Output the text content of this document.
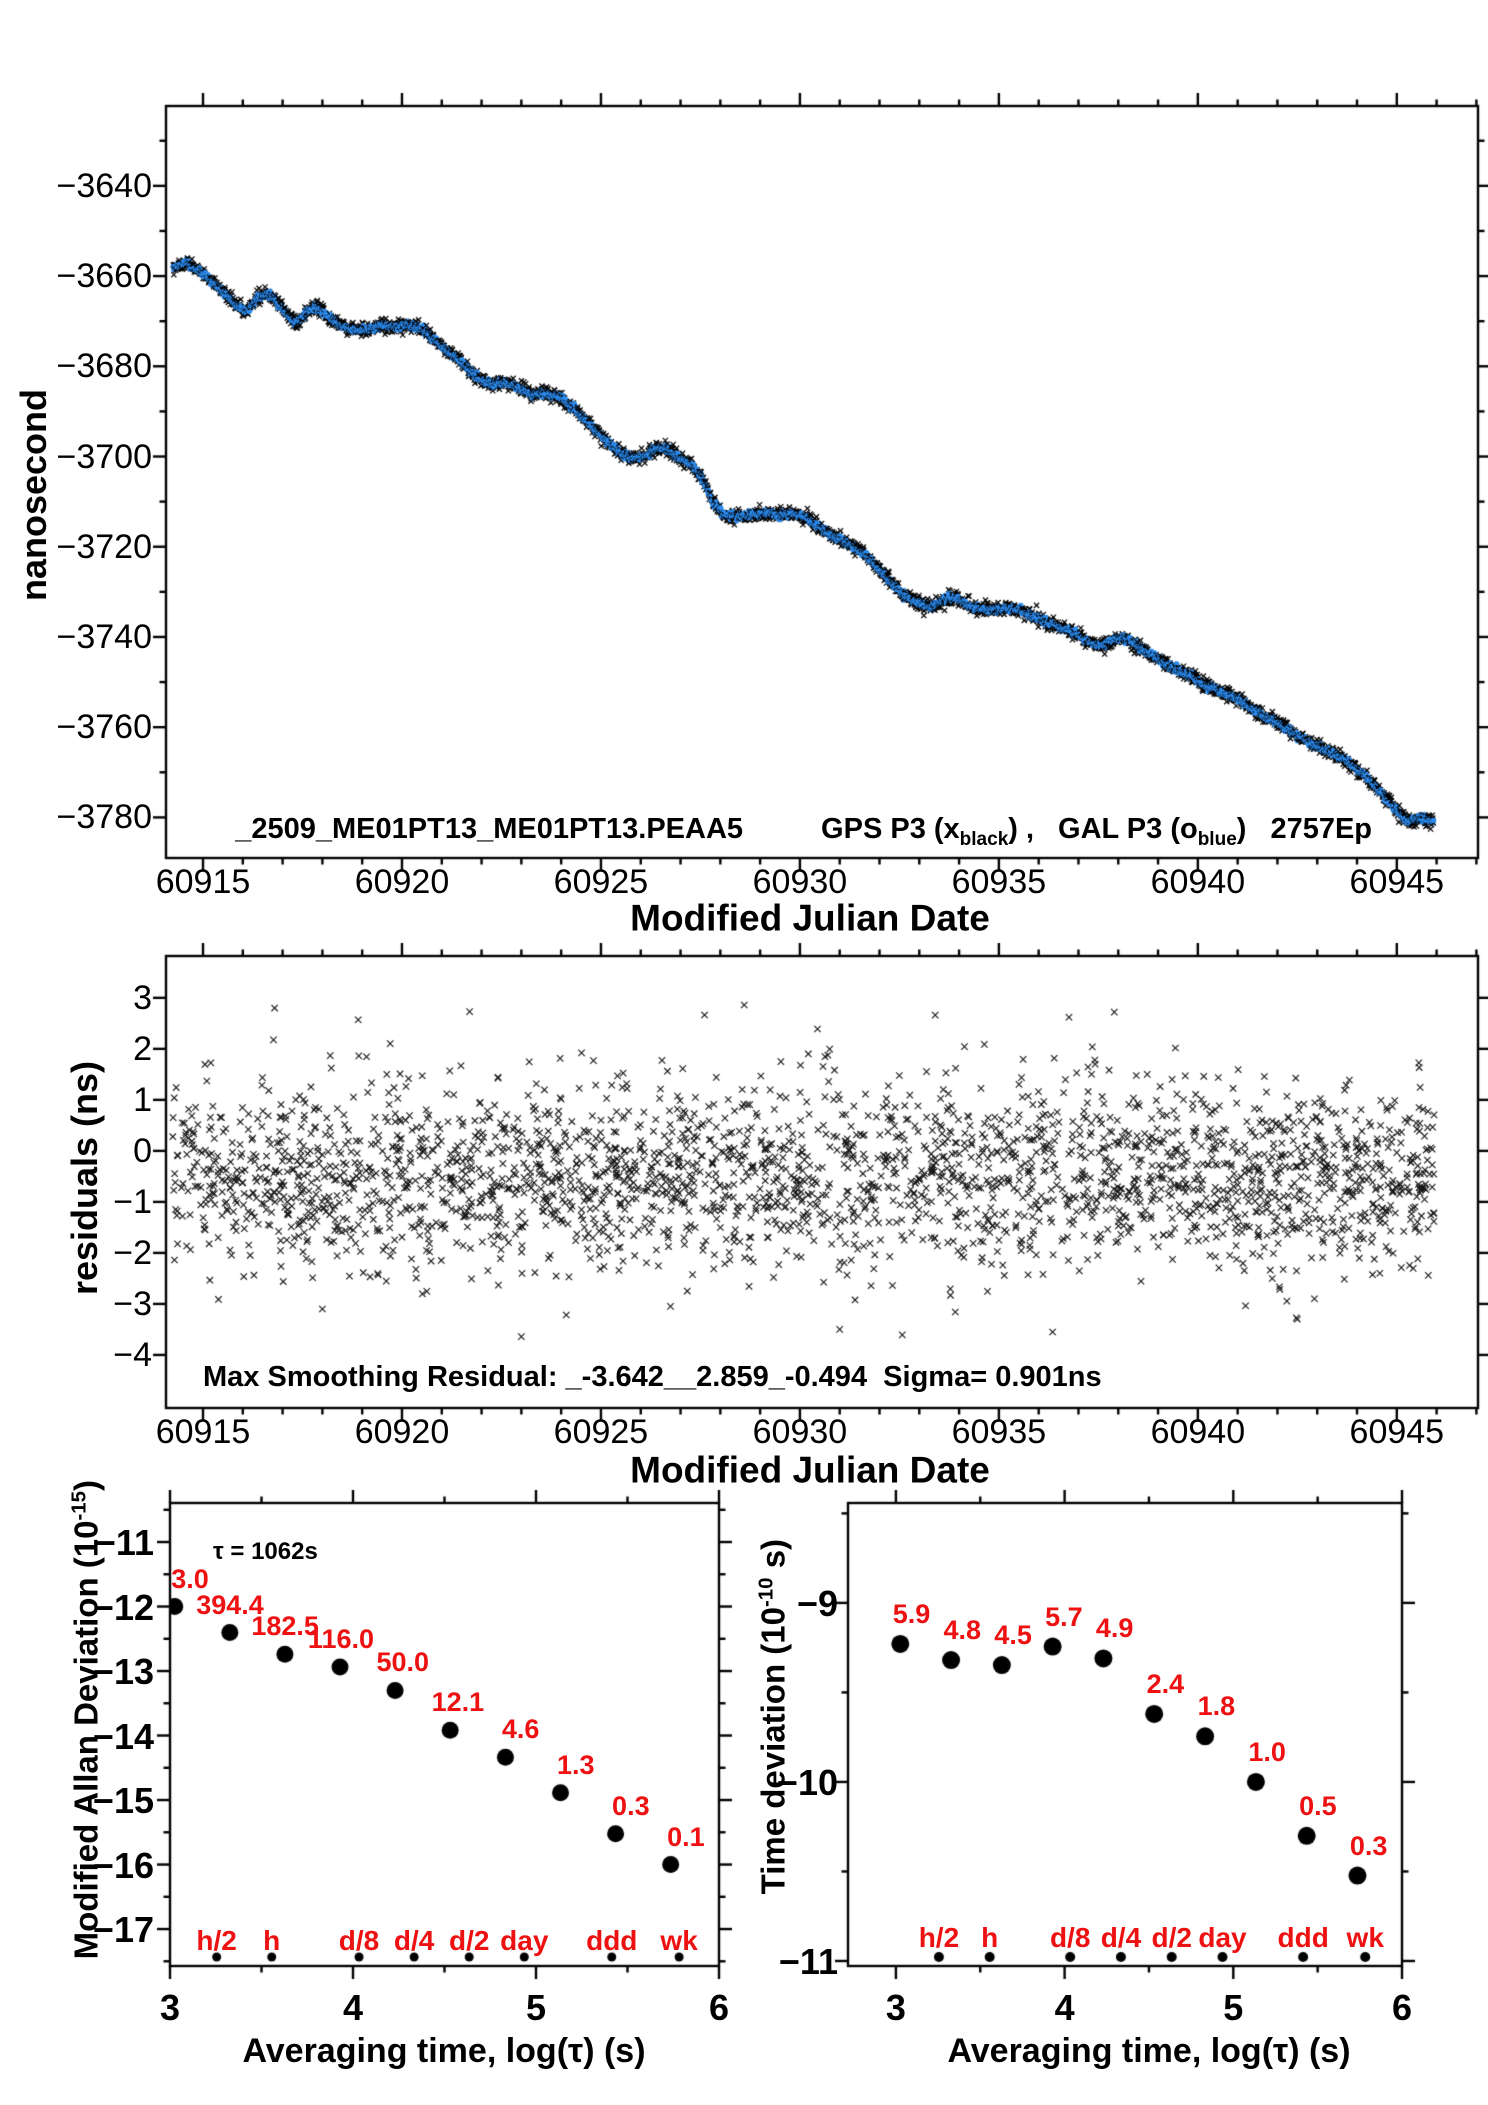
nanosecond
Modified Julian Date
residuals (ns)
Modified Julian Date

Modified Allan Deviation $(10^{-15})$

Averaging time, log(τ) (s)

Time deviation ($10^{-10}$ s)

Averaging time, log(τ) (s)

_2509_ME01PT13_ME01PT13.PEAA5	GPS P3 $(x_{black})$ , GAL P3 $(o_{blue})$ 2757Ep

Max Smoothing Residual: _-3.642__2.859_-0.494  Sigma= 0.901ns
τ = 1062s
60915	60920	60925	60930	60935	60940	60945
−3640
−3660
−3680
−3700
−3720
−3740
−3760
−3780
60915	60920	60925	60930	60935	60940	60945
3
2
1
0
−1
−2
−3
−4
3	4	5	6
−11
−12
−13
−14
−15
−16
−17
3.0
394.4
182.5
116.0
50.0
12.1
4.6
1.3
0.3
0.1
h/2 h d/8 d/4 d/2 day ddd wk
3	4	5	6
−9
−10
−11
5.9
4.8 4.5
5.7 4.9
2.4
1.8
1.0
0.5
0.3
h/2 h d/8 d/4 d/2 day ddd wk
